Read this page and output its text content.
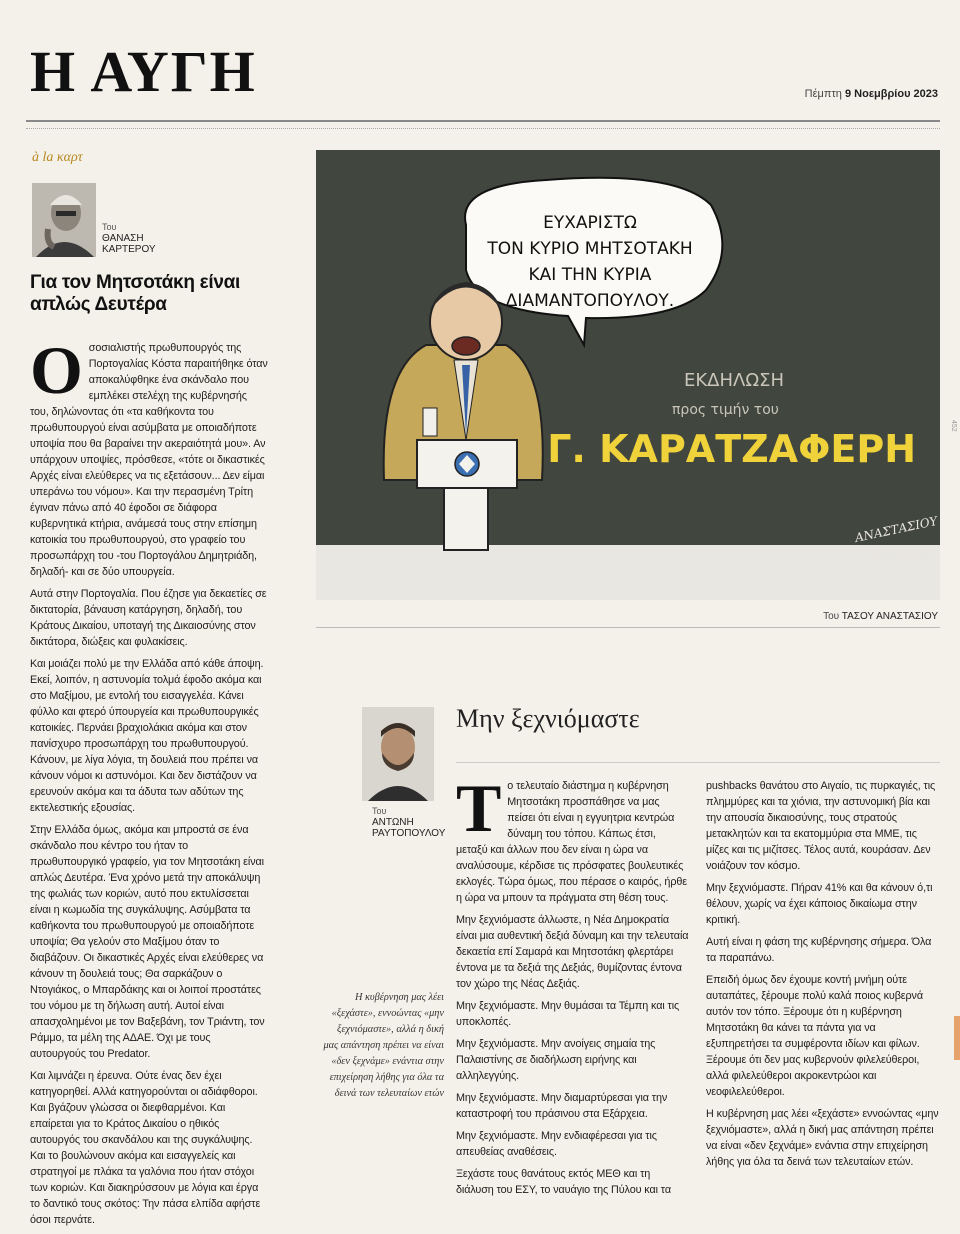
Η ΑΥΓΗ	Πέμπτη 9 Νοεμβρίου 2023
à la καρτ
Του
ΘΑΝΑΣΗ
ΚΑΡΤΕΡΟΥ
Για τον Μητσοτάκη είναι απλώς Δευτέρα

Oσοσιαλιστής πρωθυπουργός της Πορτογαλίας Κόστα παραιτήθηκε όταν αποκαλύφθηκε ένα σκάνδαλο που εμπλέκει στελέχη της κυβέρνησής του, δηλώνοντας ότι «τα καθήκοντα του πρωθυπουργού είναι ασύμβατα με οποιαδήποτε υποψία που θα βαραίνει την ακεραιότητά μου». Αν υπάρχουν υποψίες, πρόσθεσε, «τότε οι δικαστικές Αρχές είναι ελεύθερες να τις εξετάσουν... Δεν είμαι υπεράνω του νόμου». Και την περασμένη Τρίτη έγιναν πάνω από 40 έφοδοι σε διάφορα κυβερνητικά κτήρια, ανάμεσά τους στην επίσημη κατοικία του πρωθυπουργού, στο γραφείο του προσωπάρχη του -του Πορτογάλου Δημητριάδη, δηλαδή- και σε δύο υπουργεία.

Αυτά στην Πορτογαλία. Που έζησε για δεκαετίες σε δικτατορία, βάναυση κατάργηση, δηλαδή, του Κράτους Δικαίου, υποταγή της Δικαιοσύνης στον δικτάτορα, διώξεις και φυλακίσεις.

Και μοιάζει πολύ με την Ελλάδα από κάθε άποψη. Εκεί, λοιπόν, η αστυνομία τολμά έφοδο ακόμα και στο Μαξίμου, με εντολή του εισαγγελέα. Κάνει φύλλο και φτερό ύπουργεία και πρωθυπουργικές κατοικίες. Περνάει βραχιολάκια ακόμα και στον πανίσχυρο προσωπάρχη του πρωθυπουργού. Κάνουν, με λίγα λόγια, τη δουλειά που πρέπει να κάνουν νόμοι κι αστυνόμοι. Και δεν διστάζουν να ερευνούν ακόμα και τα άδυτα των αδύτων της εκτελεστικής εξουσίας.

Στην Ελλάδα όμως, ακόμα και μπροστά σε ένα σκάνδαλο που κέντρο του ήταν το πρωθυπουργικό γραφείο, για τον Μητσοτάκη είναι απλώς Δευτέρα. Ένα χρόνο μετά την αποκάλυψη της φωλιάς των κοριών, αυτό που εκτυλίσσεται είναι η κωμωδία της συγκάλυψης. Ασύμβατα τα καθήκοντα του πρωθυπουργού με οποιαδήποτε υποψία; Θα γελούν στο Μαξίμου όταν το διαβάζουν. Οι δικαστικές Αρχές είναι ελεύθερες να κάνουν τη δουλειά τους; Θα σαρκάζουν ο Ντογιάκος, ο Μπαρδάκης και οι λοιποί προστάτες του νόμου με τη δήλωση αυτή. Αυτοί είναι απασχολημένοι με τον Βαξεβάνη, τον Τριάντη, τον Ράμμο, τα μέλη της ΑΔΑΕ. Όχι με τους αυτουργούς του Predator.

Και λιμνάζει η έρευνα. Ούτε ένας δεν έχει κατηγορηθεί. Αλλά κατηγορούνται οι αδιάφθοροι. Και βγάζουν γλώσσα οι διεφθαρμένοι. Και επαίρεται για το Κράτος Δικαίου ο ηθικός αυτουργός του σκανδάλου και της συγκάλυψης. Και το βουλώνουν ακόμα και εισαγγελείς και στρατηγοί με πλάκα τα γαλόνια που ήταν στόχοι των κοριών. Και διακηρύσσουν με λόγια και έργα το δαντικό τους σκότος: Την πάσα ελπίδα αφήστε όσοι περνάτε.

ΕΥΧΑΡΙΣΤΩ
ΤΟΝ ΚΥΡΙΟ ΜΗΤΣΟΤΑΚΗ
ΚΑΙ ΤΗΝ ΚΥΡΙΑ
ΔΙΑΜΑΝΤΟΠΟΥΛΟΥ.
ΕΚΔΗΛΩΣΗ
προς τιμήν του
Γ. ΚΑΡΑΤΖΑΦΕΡΗ
ΑΝΑΣΤΑΣΙΟΥ
8-11-2023
Του ΤΑΣΟΥ ΑΝΑΣΤΑΣΙΟΥ
Του
ΑΝΤΩΝΗ
ΡΑΥΤΟΠΟΥΛΟΥ
Μην ξεχνιόμαστε
Η κυβέρνηση μας λέει «ξεχάστε», εννοώντας «μην ξεχνιόμαστε», αλλά η δική μας απάντηση πρέπει να είναι «δεν ξεχνάμε» ενάντια στην επιχείρηση λήθης για όλα τα δεινά των τελευταίων ετών

Tο τελευταίο διάστημα η κυβέρνηση Μητσοτάκη προσπάθησε να μας πείσει ότι είναι η εγγυητρια κεντρώα δύναμη του τόπου. Κάπως έτσι, μεταξύ και άλλων που δεν είναι η ώρα να αναλύσουμε, κέρδισε τις πρόσφατες βουλευτικές εκλογές. Τώρα όμως, που πέρασε ο καιρός, ήρθε η ώρα να μπουν τα πράγματα στη θέση τους.

Μην ξεχνιόμαστε άλλωστε, η Νέα Δημοκρατία είναι μια αυθεντική δεξιά δύναμη και την τελευταία δεκαετία επί Σαμαρά και Μητσοτάκη φλερτάρει έντονα με τα δεξιά της Δεξιάς, θυμίζοντας έντονα τον χώρο της Νέας Δεξιάς.

Μην ξεχνιόμαστε. Μην θυμάσαι τα Τέμπη και τις υποκλοπές.

Μην ξεχνιόμαστε. Μην ανοίγεις σημαία της Παλαιστίνης σε διαδήλωση ειρήνης και αλληλεγγύης.

Μην ξεχνιόμαστε. Μην διαμαρτύρεσαι για την καταστροφή του πράσινου στα Εξάρχεια.

Μην ξεχνιόμαστε. Μην ενδιαφέρεσαι για τις απευθείας αναθέσεις.

Ξεχάστε τους θανάτους εκτός ΜΕΘ και τη διάλυση του ΕΣΥ, το ναυάγιο της Πύλου και τα

pushbacks θανάτου στο Αιγαίο, τις πυρκαγιές, τις πλημμύρες και τα χιόνια, την αστυνομική βία και την απουσία δικαιοσύνης, τους στρατούς μετακλητών και τα εκατομμύρια στα ΜΜΕ, τις μίζες και τις μιζίτσες. Τέλος αυτά, κουράσαν. Δεν νοιάζουν τον κόσμο.

Μην ξεχνιόμαστε. Πήραν 41% και θα κάνουν ό,τι θέλουν, χωρίς να έχει κάποιος δικαίωμα στην κριτική.

Αυτή είναι η φάση της κυβέρνησης σήμερα. Όλα τα παραπάνω.

Επειδή όμως δεν έχουμε κοντή μνήμη ούτε αυταπάτες, ξέρουμε πολύ καλά ποιος κυβερνά αυτόν τον τόπο. Ξέρουμε ότι η κυβέρνηση Μητσοτάκη θα κάνει τα πάντα για να εξυπηρετήσει τα συμφέροντα ιδίων και φίλων. Ξέρουμε ότι δεν μας κυβερνούν φιλελεύθεροι, αλλά φιλελεύθεροι ακροκεντρώοι και νεοφιλελεύθεροι.

Η κυβέρνηση μας λέει «ξεχάστε» εννοώντας «μην ξεχνιόμαστε», αλλά η δική μας απάντηση πρέπει να είναι «δεν ξεχνάμε» ενάντια στην επιχείρηση λήθης για όλα τα δεινά των τελευταίων ετών.

452
